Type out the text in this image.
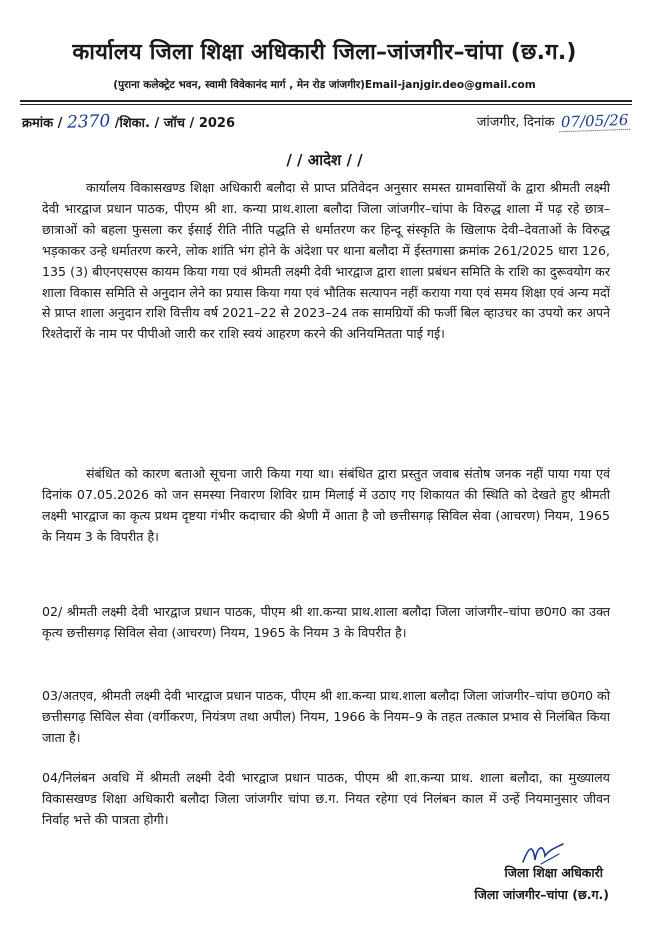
कार्यालय जिला शिक्षा अधिकारी जिला–जांजगीर–चांपा (छ.ग.)
(पुराना कलेक्ट्रेट भवन, स्वामी विवेकानंद मार्ग , मेन रोड जांजगीर)Email-janjgir.deo@gmail.com
क्रमांक / 2370 /शिका. / जॉच / 2026	जांजगीर, दिनांक 07/05/26
/ / आदेश / /

कार्यालय विकासखण्ड शिक्षा अधिकारी बलौदा से प्राप्त प्रतिवेदन अनुसार समस्त ग्रामवासियों के द्वारा श्रीमती लक्ष्मी देवी भारद्वाज प्रधान पाठक, पीएम श्री शा. कन्या प्राथ.शाला बलौदा जिला जांजगीर–चांपा के विरुद्ध शाला में पढ़ रहे छात्र–छात्राओं को बहला फुसला कर ईसाई रीति नीति पद्धति से धर्मातरण कर हिन्दू संस्कृति के खिलाफ देवी–देवताओं के विरुद्ध भड़काकर उन्हे धर्मातरण करने, लोक शांति भंग होने के अंदेशा पर थाना बलौदा में ईस्तगासा क्रमांक 261/2025 धारा 126, 135 (3) बीएनएसएस कायम किया गया एवं श्रीमती लक्ष्मी देवी भारद्वाज द्वारा शाला प्रबंधन समिति के राशि का दुरूवयोग कर शाला विकास समिति से अनुदान लेने का प्रयास किया गया एवं भौतिक सत्यापन नहीं कराया गया एवं समय शिक्षा एवं अन्य मदों से प्राप्त शाला अनुदान राशि वित्तीय वर्ष 2021–22 से 2023–24 तक सामग्रियों की फर्जी बिल व्हाउचर का उपयो कर अपने रिश्तेदारों के नाम पर पीपीओ जारी कर राशि स्वयं आहरण करने की अनियमितता पाई गई।

संबंधित को कारण बताओ सूचना जारी किया गया था। संबंधित द्वारा प्रस्तुत जवाब संतोष जनक नहीं पाया गया एवं दिनांक 07.05.2026 को जन समस्या निवारण शिविर ग्राम मिलाई में उठाए गए शिकायत की स्थिति को देखते हुए श्रीमती लक्ष्मी भारद्वाज का कृत्य प्रथम दृष्टया गंभीर कदाचार की श्रेणी में आता है जो छत्तीसगढ़ सिविल सेवा (आचरण) नियम, 1965 के नियम 3 के विपरीत है।

02/ श्रीमती लक्ष्मी देवी भारद्वाज प्रधान पाठक, पीएम श्री शा.कन्या प्राथ.शाला बलौदा जिला जांजगीर–चांपा छ0ग0 का उक्त कृत्य छत्तीसगढ़ सिविल सेवा (आचरण) नियम, 1965 के नियम 3 के विपरीत है।

03/अतएव, श्रीमती लक्ष्मी देवी भारद्वाज प्रधान पाठक, पीएम श्री शा.कन्या प्राथ.शाला बलौदा जिला जांजगीर–चांपा छ0ग0 को छत्तीसगढ़ सिविल सेवा (वर्गीकरण, नियंत्रण तथा अपील) नियम, 1966 के नियम–9 के तहत तत्काल प्रभाव से निलंबित किया जाता है।

04/निलंबन अवधि में श्रीमती लक्ष्मी देवी भारद्वाज प्रधान पाठक, पीएम श्री शा.कन्या प्राथ. शाला बलौदा, का मुख्यालय विकासखण्ड शिक्षा अधिकारी बलौदा जिला जांजगीर चांपा छ.ग. नियत रहेगा एवं निलंबन काल में उन्हें नियमानुसार जीवन निर्वाह भत्ते की पात्रता होगी।

जिला शिक्षा अधिकारी
जिला जांजगीर–चांपा (छ.ग.)
